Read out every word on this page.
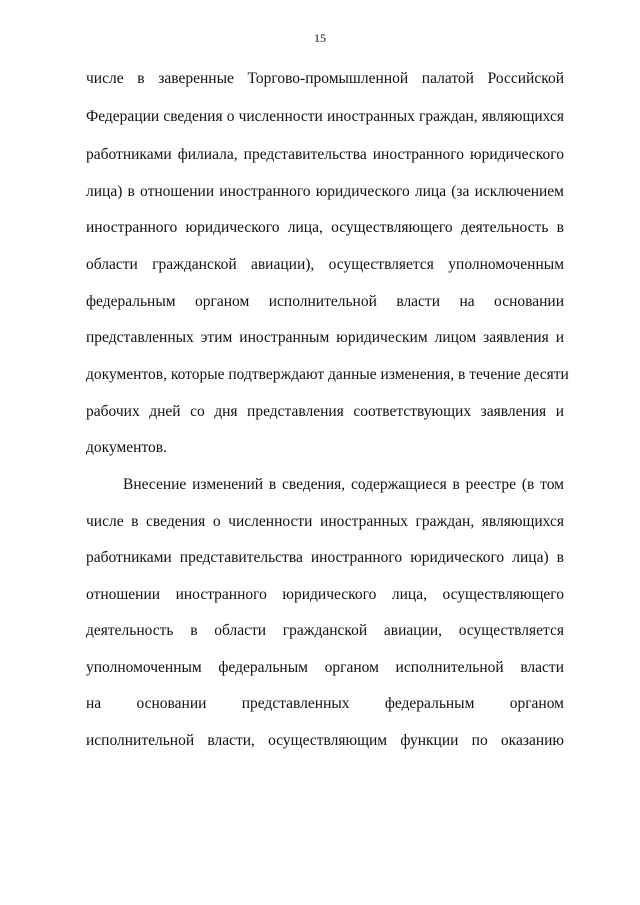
15
числе в заверенные Торгово-промышленной палатой Российской
Федерации сведения о численности иностранных граждан, являющихся
работниками филиала, представительства иностранного юридического
лица) в отношении иностранного юридического лица (за исключением
иностранного юридического лица, осуществляющего деятельность в
области гражданской авиации), осуществляется уполномоченным
федеральным органом исполнительной власти на основании
представленных этим иностранным юридическим лицом заявления и
документов, которые подтверждают данные изменения, в течение десяти
рабочих дней со дня представления соответствующих заявления и
документов.
Внесение изменений в сведения, содержащиеся в реестре (в том
числе в сведения о численности иностранных граждан, являющихся
работниками представительства иностранного юридического лица) в
отношении иностранного юридического лица, осуществляющего
деятельность в области гражданской авиации, осуществляется
уполномоченным федеральным органом исполнительной власти
на основании представленных федеральным органом
исполнительной власти, осуществляющим функции по оказанию
